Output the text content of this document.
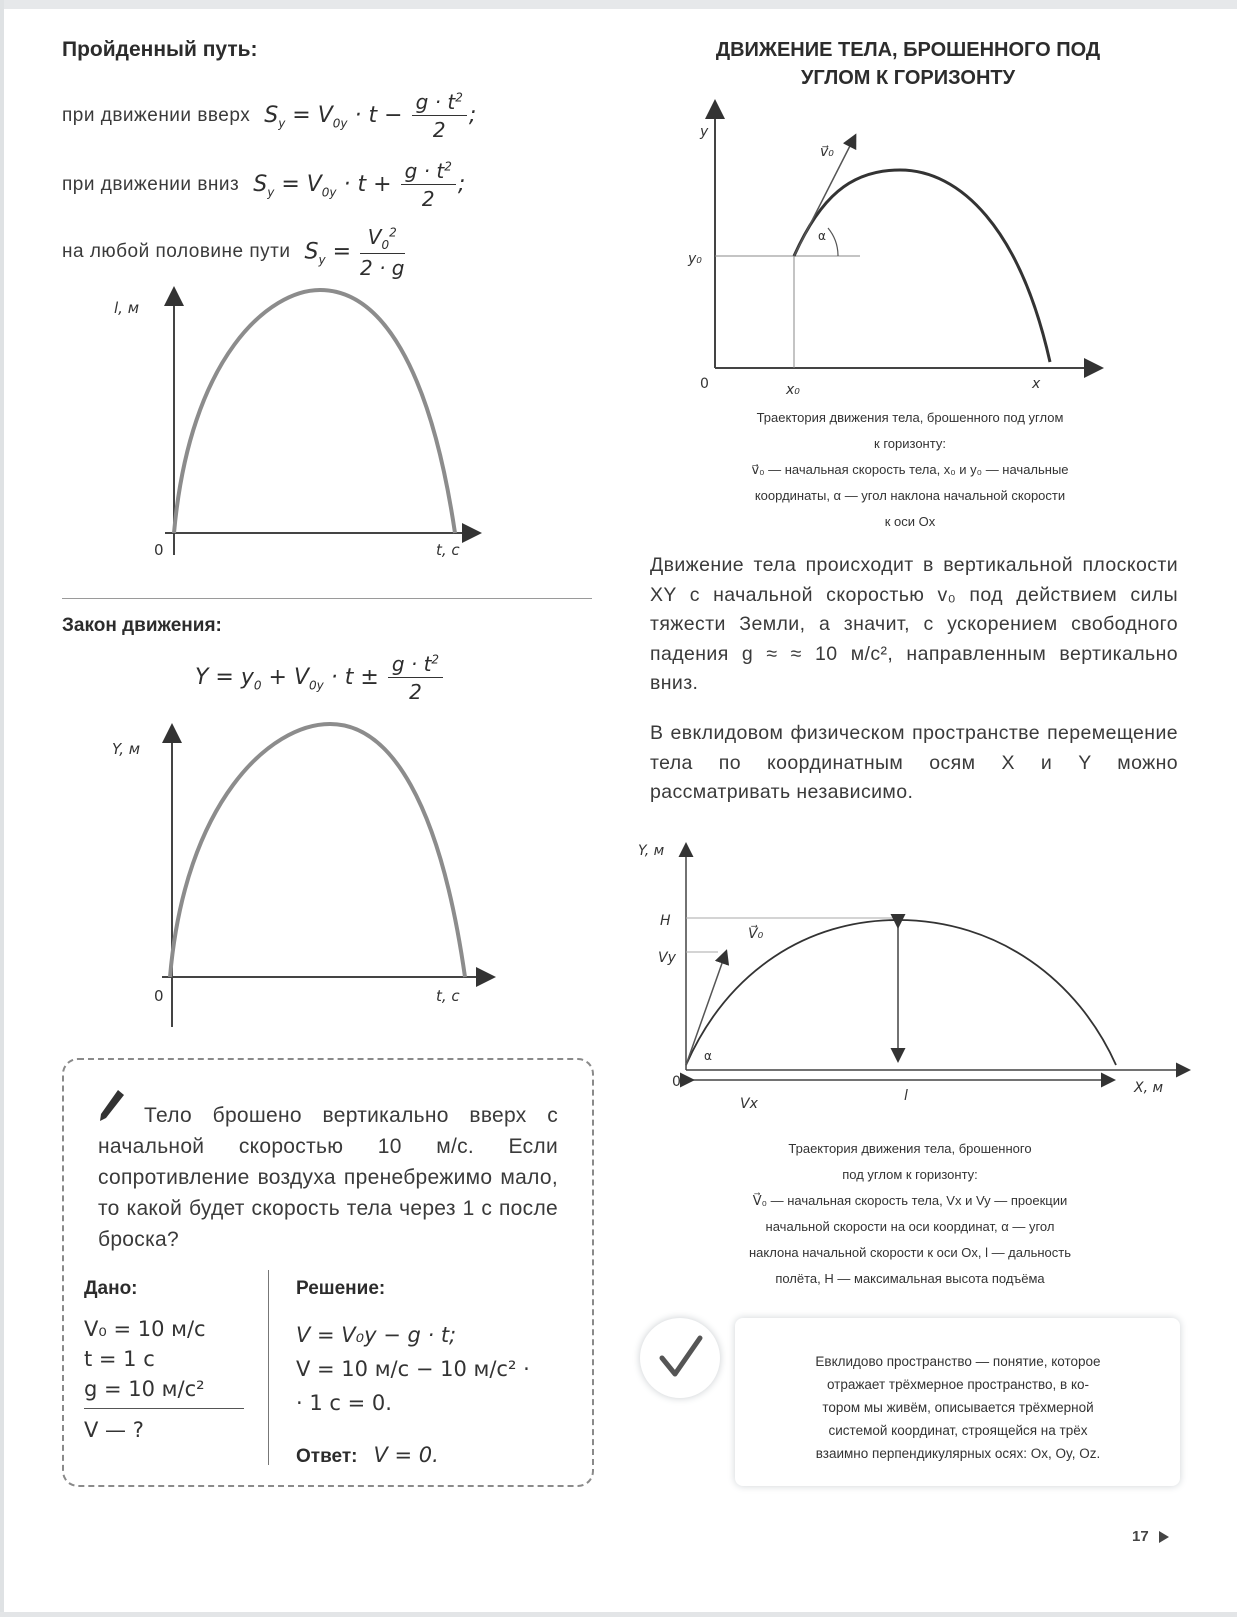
Пройденный путь:
при движении вверх $S_y = V_{0y} \cdot t - \frac{g \cdot t^2}{2}$ ;
при движении вниз $S_y = V_{0y} \cdot t + \frac{g \cdot t^2}{2}$ ;
на любой половине пути $S_y = \frac{V_0^2}{2 \cdot g}$
l, м
t, с
0
Закон движения:
$Y = y_0 + V_{0y} \cdot t \pm \frac{g \cdot t^2}{2}$
Y, м
t, с
0
Тело брошено вертикально вверх с начальной скоростью 10 м/с. Если сопротивление воздуха пренебрежимо мало, то какой будет скорость тела через 1 с после броска?
Дано:
V₀ = 10 м/с
t = 1 с
g = 10 м/с²
V — ?
Решение:
V = V₀y − g · t;
V = 10 м/с − 10 м/с² ·
· 1 с = 0.
Ответ: V = 0.
ДВИЖЕНИЕ ТЕЛА, БРОШЕННОГО ПОД
УГЛОМ К ГОРИЗОНТУ
y
x
0
y₀
x₀
v⃗₀
α
Траектория движения тела, брошенного под углом
к горизонту:
v⃗₀ — начальная скорость тела, x₀ и y₀ — начальные
координаты, α — угол наклона начальной скорости
к оси Ox
Движение тела происходит в вертикальной плоскости XY с начальной скоростью v₀ под действием силы тяжести Земли, а значит, с ускорением свободного падения g ≈ ≈ 10 м/с², направленным вертикально вниз.
В евклидовом физическом пространстве перемещение тела по координатным осям X и Y можно рассматривать независимо.
Y, м
X, м
0
H
Vy
V⃗₀
α
l
Vx
Траектория движения тела, брошенного
под углом к горизонту:
V⃗₀ — начальная скорость тела, Vx и Vy — проекции
начальной скорости на оси координат, α — угол
наклона начальной скорости к оси Ox, l — дальность
полёта, H — максимальная высота подъёма
Евклидово пространство — понятие, которое
отражает трёхмерное пространство, в ко-
тором мы живём, описывается трёхмерной
системой координат, строящейся на трёх
взаимно перпендикулярных осях: Ox, Oy, Oz.
17
